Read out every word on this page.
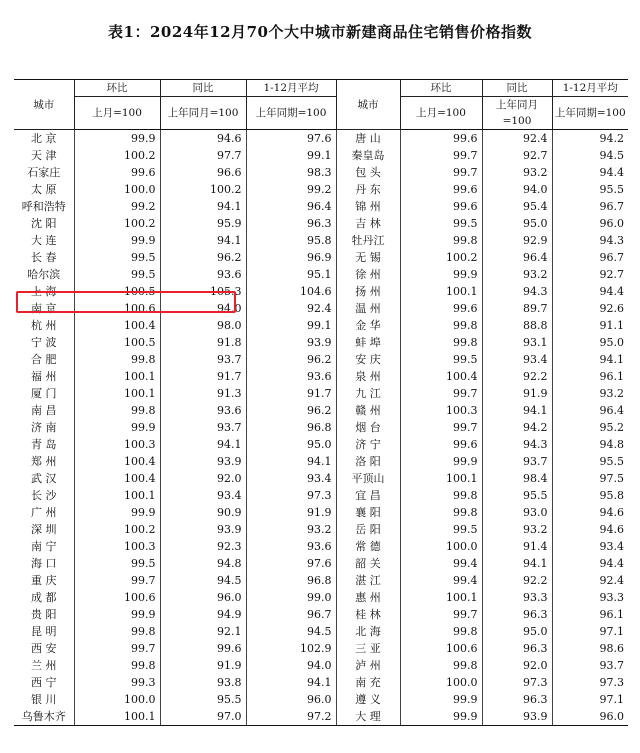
表1：2024年12月70个大中城市新建商品住宅销售价格指数
城市	环比	同比	1-12月平均	城市	环比	同比	1-12月平均
	上月=100	上年同月=100	上年同期=100		上月=100	上年同月=100	上年同期=100
北 京	99.9	94.6	97.6	唐 山	99.6	92.4	94.2
天 津	100.2	97.7	99.1	秦皇岛	99.7	92.7	94.5
石家庄	99.6	96.6	98.3	包 头	99.7	93.2	94.4
太 原	100.0	100.2	99.2	丹 东	99.6	94.0	95.5
呼和浩特	99.2	94.1	96.4	锦 州	99.6	95.4	96.7
沈 阳	100.2	95.9	96.3	吉 林	99.5	95.0	96.0
大 连	99.9	94.1	95.8	牡丹江	99.8	92.9	94.3
长 春	99.5	96.2	96.9	无 锡	100.2	96.4	96.7
哈尔滨	99.5	93.6	95.1	徐 州	99.9	93.2	92.7
上 海	100.5	105.3	104.6	扬 州	100.1	94.3	94.4
南 京	100.6	94.0	92.4	温 州	99.6	89.7	92.6
杭 州	100.4	98.0	99.1	金 华	99.8	88.8	91.1
宁 波	100.5	91.8	93.9	蚌 埠	99.8	93.1	95.0
合 肥	99.8	93.7	96.2	安 庆	99.5	93.4	94.1
福 州	100.1	91.7	93.6	泉 州	100.4	92.2	96.1
厦 门	100.1	91.3	91.7	九 江	99.7	91.9	93.2
南 昌	99.8	93.6	96.2	赣 州	100.3	94.1	96.4
济 南	99.9	93.7	96.8	烟 台	99.7	94.2	95.2
青 岛	100.3	94.1	95.0	济 宁	99.6	94.3	94.8
郑 州	100.4	93.9	94.1	洛 阳	99.9	93.7	95.5
武 汉	100.4	92.0	93.4	平顶山	100.1	98.4	97.5
长 沙	100.1	93.4	97.3	宜 昌	99.8	95.5	95.8
广 州	99.9	90.9	91.9	襄 阳	99.8	93.0	94.6
深 圳	100.2	93.9	93.2	岳 阳	99.5	93.2	94.6
南 宁	100.3	92.3	93.6	常 德	100.0	91.4	93.4
海 口	99.5	94.8	97.6	韶 关	99.4	94.1	94.4
重 庆	99.7	94.5	96.8	湛 江	99.4	92.2	92.4
成 都	100.6	96.0	99.0	惠 州	100.1	93.3	93.3
贵 阳	99.9	94.9	96.7	桂 林	99.7	96.3	96.1
昆 明	99.8	92.1	94.5	北 海	99.8	95.0	97.1
西 安	99.7	99.6	102.9	三 亚	100.6	96.3	98.6
兰 州	99.8	91.9	94.0	泸 州	99.8	92.0	93.7
西 宁	99.3	93.8	94.1	南 充	100.0	97.3	97.3
银 川	100.0	95.5	96.0	遵 义	99.9	96.3	97.1
乌鲁木齐	100.1	97.0	97.2	大 理	99.9	93.9	96.0
